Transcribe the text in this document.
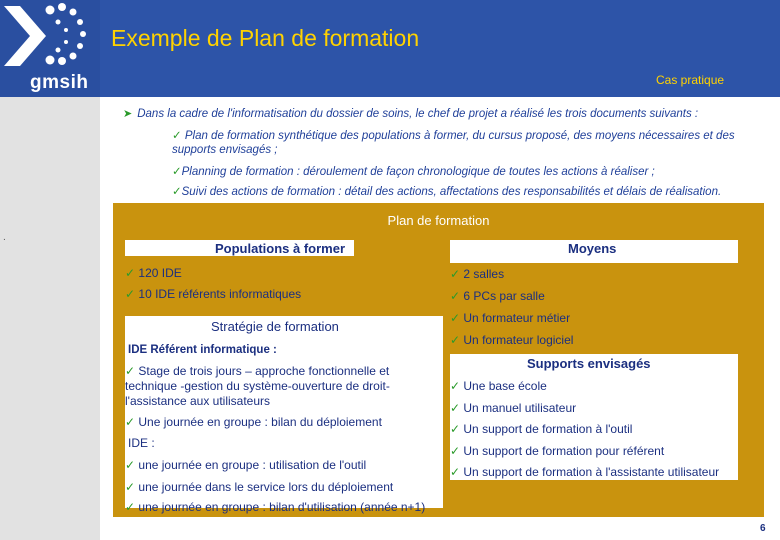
gmsih
Exemple de Plan de formation
Cas pratique
➤ Dans la cadre de l'informatisation du dossier de soins, le chef de projet a réalisé les trois documents suivants :
✓ Plan de formation synthétique des populations à former, du cursus proposé, des moyens nécessaires et des supports envisagés ;
✓Planning de formation : déroulement de façon chronologique de toutes les actions à réaliser ;
✓Suivi des actions de formation : détail des actions, affectations des responsabilités et délais de réalisation.
.
Plan de formation
Populations à former
✓ 120 IDE
✓ 10 IDE référents informatiques
Stratégie de formation
IDE Référent informatique :
✓ Stage de trois jours – approche fonctionnelle et technique -gestion du système-ouverture de droit-l'assistance aux utilisateurs
✓ Une journée en groupe : bilan du déploiement
IDE :
✓ une journée en groupe : utilisation de l'outil
✓ une journée dans le service lors du déploiement
✓ une journée en groupe : bilan d'utilisation (année n+1)
Moyens
✓ 2 salles
✓ 6 PCs par salle
✓ Un formateur métier
✓ Un formateur logiciel
Supports envisagés
✓ Une base école
✓ Un manuel utilisateur
✓ Un support de formation à l'outil
✓ Un support de formation pour référent
✓ Un support de formation à l'assistante utilisateur
6
